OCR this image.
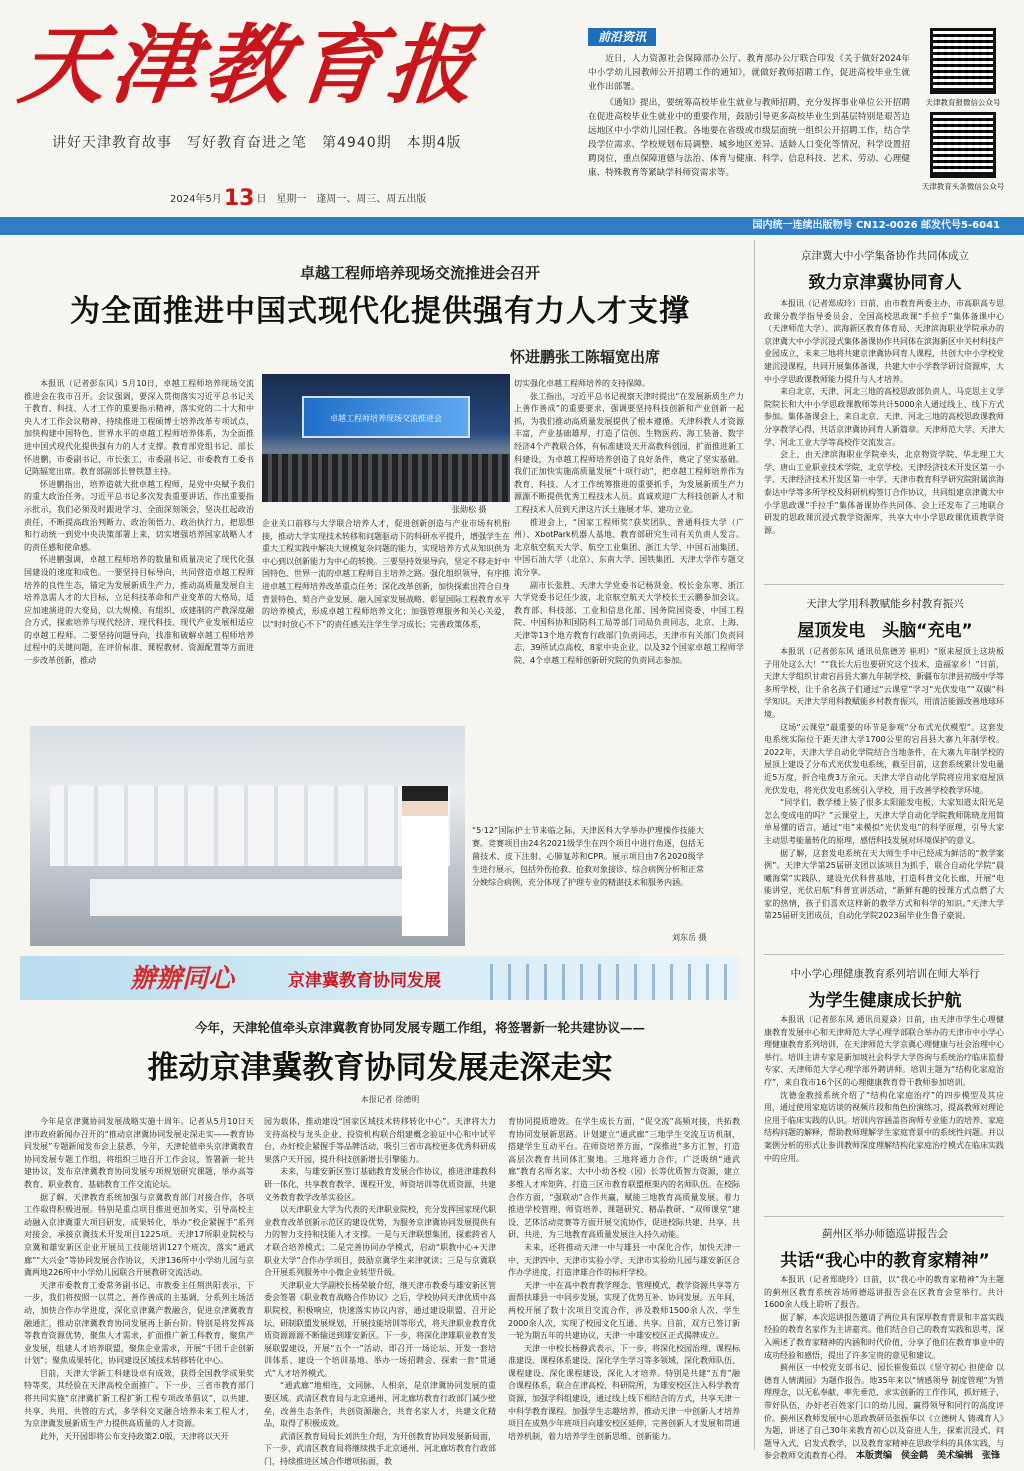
天津教育报
讲好天津教育故事　写好教育奋进之笔　第4940期　本期4版
2024年5月13 日　星期一　逢周一、周三、周五出版
前沿资讯

近日，人力资源社会保障部办公厅、教育部办公厅联合印发《关于做好2024年中小学幼儿园教师公开招聘工作的通知》，就做好教师招聘工作，促进高校毕业生就业作出部署。

《通知》提出，要统筹高校毕业生就业与教师招聘，充分发挥事业单位公开招聘在促进高校毕业生就业中的重要作用，鼓励引导更多高校毕业生到基层特别是艰苦边远地区中小学幼儿园任教。各地要在省级或市级层面统一组织公开招聘工作，结合学段学位需求、学校规划布局调整、城乡地区差异、适龄人口变化等情况，科学设置招聘岗位，重点保障道德与法治、体育与健康、科学、信息科技、艺术、劳动、心理健康、特殊教育等紧缺学科师资需求等。

天津教育报微信公众号
天津教育头条微信公众号
国内统一连续出版物号 CN12-0026 邮发代号5-6041
卓越工程师培养现场交流推进会召开
为全面推进中国式现代化提供强有力人才支撑
怀进鹏张工陈辐宽出席

本报讯（记者彭东风）5月10日，卓越工程师培养现场交流推进会在我市召开。会议强调，要深入贯彻落实习近平总书记关于教育、科技、人才工作的重要指示精神，落实党的二十大和中央人才工作会议精神，持续推进工程硕博士培养改革专项试点，加快构建中国特色、世界水平的卓越工程师培养体系，为全面推进中国式现代化提供强有力的人才支撑。教育部党组书记、部长怀进鹏，市委副书记、市长张工，市委副书记、市委教育工委书记陈辐宽出席。教育部副部长曾铁慧主持。

怀进鹏指出，培养造就大批卓越工程师，是党中央赋予我们的重大政治任务。习近平总书记多次发表重要讲话、作出重要指示批示，我们必须及时跟进学习、全面深刻领会，坚决扛起政治责任，不断提高政治判断力、政治领悟力、政治执行力，把思想和行动统一到党中央决策部署上来，切实增强培养国家战略人才的责任感和使命感。

怀进鹏强调，卓越工程师培养的数量和质量决定了现代化强国建设的速度和成色。一要坚持目标导向，共同营造卓越工程师培养的良性生态，锚定为发展新质生产力，推动高质量发展自主培养急需人才的大目标，立足科技革命和产业变革的大格局，适应加速演进的大变局，以大规模、有组织、成建制的产教深度融合方式，探索培养与现代经济、现代科技、现代产业发展相适应的卓越工程师。二要坚持问题导向，找准和破解卓越工程师培养过程中的关键问题，在评价标准、课程教材、资源配置等方面进一步改革创新，推动

卓越工程师培养现场交流推进会
张勋松 摄

企业关口前移与大学联合培养人才，促进创新创造与产业市场有机衔接，推动大学实现技术转移和问题驱动下的科研水平提升，增强学生在重大工程实践中解决大规模复杂问题的能力，实现培养方式从知识供为中心到以创新能力为中心的转换。三要坚持效果导向，坚定不移走好中国特色、世界一流的卓越工程师自主培养之路。强化组织领导，有序推进卓越工程师培养改革重点任务；深化改革创新，加快探索出符合自身背景特色、契合产业发展、融入国家发展战略、彰显国际工程教育水平的培养模式，形成卓越工程师培养文化；加强管理服务和关心关爱，以“时时放心不下”的责任感关注学生学习成长；完善政策体系，

切实强化卓越工程师培养的支持保障。

张工指出，习近平总书记视察天津时提出“在发展新质生产力上善作善成”的重要要求，强调要坚持科技创新和产业创新一起抓，为我们推动高质量发展提供了根本遵循。天津科教人才资源丰富，产业基础雄厚，打造了信创、生物医药、海工装备、数字经济4个产教联合体，有标准建设天开高教科创园，扩面推进新工科建设，为卓越工程师培养创造了良好条件，奠定了坚实基础。我们正加快实施高质量发展“十项行动”，把卓越工程师培养作为教育、科技、人才工作统筹推进的重要抓手，为发展新质生产力源源不断提供优秀工程技术人员。真诚欢迎广大科技创新人才和工程技术人员到天津这片沃土施展才华、建功立业。

推进会上，“国家工程师奖”获奖团队、普通科技大学（广州）、XbotPark机器人基地、教育部研究生司有关负责人发言。北京航空航天大学、航空工业集团、浙江大学、中国石油集团、中国石油大学（北京）、东南大学、国铁集团、天津大学作专题交流分享。

副市长张胜、天津大学党委书记杨贤金、校长金东寒、浙江大学党委书记任少波，北京航空航天大学校长王云鹏参加会议。教育部、科技部、工业和信息化部、国务院国资委、中国工程院、中国科协和国防科工局等部门司局负责同志，北京、上海、天津等13个地方教育行政部门负责同志，天津市有关部门负责同志，39所试点高校、8家中央企业，以及32个国家卓越工程师学院、4个卓越工程师创新研究院的负责同志参加。

“5·12”国际护士节来临之际，天津医科大学举办护理操作技能大赛。竞赛项目由24名2021级学生在四个项目中进行角逐，包括无菌技术、皮下注射、心肺复苏和CPR。展示项目由7名2020级学生进行展示，包括外伤抢救、抢救对象接诊、综合病例分析和正常分娩综合病例，充分体现了护理专业的精湛技术和服务内涵。
刘东岳 摄
辦辦同心	京津冀教育协同发展
今年，天津轮值牵头京津冀教育协同发展专题工作组，将签署新一轮共建协议——
推动京津冀教育协同发展走深走实
本报记者 徐德明

今年是京津冀协同发展战略实施十周年。记者从5月10日天津市政府新闻办召开的“推动京津冀协同发展走深走实——教育协同发展”专题新闻发布会上获悉，今年，天津轮值牵头京津冀教育协同发展专题工作组，将组织三地召开工作会议，签署新一轮共建协议，发布京津冀教育协同发展专项规划研究课题，举办高等教育、职业教育、基础教育工作交流论坛。

据了解，天津教育系统加强与京冀教育部门对接合作，各项工作取得积极进展。特别是重点项目推进更加务实，引导高校主动融入京津冀重大项目研发，成果转化，举办“校企紧握手”系列对接会，承接京冀技术开发项目1225项。天津17所职业院校与京冀和雄安新区企业开展员工技能培训127个班次，落实“通武廊”“大兴金”等协同发展合作协议，天津136所中小学幼儿园与京冀两地226所中小学幼儿园联合开展教研交流活动。

天津市委教育工委常务副书记、市教委主任荆洪阳表示，下一步，我们将按照一以贯之、善作善成的主基调，分系列主场活动，加快合作办学进度，深化京津冀产教融合，促进京津冀教育融通汇，推动京津冀教育协同发展再上新台阶。特别是将发挥高等教育资源优势，聚焦人才需求，扩面推广新工科教育，聚焦产业发展，组建人才培养联盟，聚焦企业需求，开展“千团千企创新计划”；聚焦成果转化，协同建设区域技术转移转化中心。

目前，天津大学新工科建设卓有成效，获得全国教学成果奖特等奖，其经验在天津高校全面推广。下一步，三省市教育部门将共同实施“京津冀扩新工程扩新工程专项改革倡议”，以共建、共享、共用、共管的方式，多学科交叉融合培养未来工程人才，为京津冀发展新质生产力提供高质量的人才资源。

此外，天开园即将公布支持政策2.0版，天津将以天开

园为载体，推动建设“国家区域技术转移转化中心”。天津将大力支持高校与龙头企业、投资机构联合组建概念验证中心和中试平台，办好校企紧握手等品牌活动，吸引三省市高校更多优秀科研成果落户天开园，提升科技创新增长引擎能力。

未来，与雄安新区签订基础教育发展合作协议，推进津雄教科研一体化，共享教育教学、课程开发，师资培训等优质资源，共建义务教育教学改革实验区。

以天津职业大学为代表的天津职业院校，充分发挥国家现代职业教育改革创新示范区的建设优势，为服务京津冀协同发展提供有力的智力支持和技能人才支撑。一是与天津联想集团，探索跨省人才联合培养模式；二是完善协同办学模式，启动“职教中心+天津职业大学”合作办学项目，鼓励京冀学生来津就读；三是与京冀联合开展系列服务中小微企业转型升级。

天津职业大学副校长杨荣敏介绍，继天津市教委与雄安新区管委会签署《职业教育战略合作协议》之后，学校协同天津优质中高职院校，积极响应，快速落实协议内容，通过建设联盟、召开论坛、研制联盟发展规划，开展技能培训等形式，将天津职业教育优质资源源源不断输送到雄安新区。下一步，将深化津雄职业教育发展联盟建设，开展“五个一”活动，即召开一场论坛、开发一套培训体系、建设一个培训基地、举办一场招聘会、探索一套“贯通式”人才培养模式。

“通武廊”地相连，文同脉，人相亲，是京津冀协同发展的重要区域。武清区教育局与北京通州、河北廊坊教育行政部门减少壁垒，改善生态条件，共创资源融合，共育名家人才，共建文化精品，取得了积极成效。

武清区教育局局长刘洪生介绍，为开创教育协同发展新局面，下一步，武清区教育局将继续携手北京通州、河北廊坊教育行政部门，持续推进区域合作增项拓面，教

育协同提质增效。在学生成长方面，“促交流”高频对接，共拓教育协同发展新思路。计划建立“通武廊”三地学生交流互访机制，搭建学生互动平台。在师资培养方面，“深推进”多方汇智，打造高层次教育共同体汇聚地。三地将通力合作，广泛吸纳“通武廊”教育名师名家、大中小幼各校（园）长等优质智力资源，建立多维人才库矩阵，打造三区市教育联盟框架内的名师队伍。在校际合作方面，“强联动”合作共赢，赋能三地教育高质量发展。着力推进学校管理、师资培养、课题研究、精品教研、“双师课堂”建设、艺体活动竞赛等方面开展交流协作，促进校际共建、共享、共研、共进，为三地教育高质量发展注入持久动能。

未来，还将推动天津一中与雄县一中深化合作，加快天津一中、天津四中、天津市实验小学、天津市实验幼儿园与雄安新区合作办学进度，打造津雄合作的标杆学校。

天津一中在高中教育教学理念、管理模式、教学资源共享等方面帮扶雄县一中同步发展，实现了优势互补、协同发展。五年间，两校开展了数十次项目交流合作，涉及教师1500余人次、学生2000余人次，实现了校园文化互通、共享。目前，双方已签订新一轮为期五年的共建协议，天津一中雄安校区正式揭牌成立。

天津一中校长杨静武表示，下一步，将深化校园治理、课程标准建设、课程体系建设、深化学生学习等多领域，深化教师队伍、课程建设、深化课程建设，深化人才培养。特别是共建“五育”融合课程体系，联合在津高校、科研院所，为雄安校区注入科学教育资源，加强学科组建设，通过线上线下相结合的方式，共享天津一中科学教育课程。加强学生志趣培养，推动天津一中创新人才培养项目在成熟少年班项目向雄安校区延伸，完善创新人才发展和贯通培养机制，着力培养学生创新思维、创新能力。

京津冀大中小学集备协作共同体成立
致力京津冀协同育人

本报讯（记者郑成玲）日前，由市教育两委主办，市高职高专思政课分教学指导委员会、全国高校思政课“手拉手”集体备课中心（天津师范大学）、滨海新区教育体育局、天津滨海职业学院承办的京津冀大中小学沉浸式集体备课协作共同体在滨海新区中关村科技产业园成立，未来三地将共建京津冀协同育人课程，共创大中小学校党建沉浸课程，共同开展集体备课，共建大中小学教学研讨资源库，大中小学思政课教师能力提升与人才培养。

来自北京、天津、河北三地的高校思政部负责人、马克思主义学院院长和大中小学思政课教师等共计5000余人通过线上、线下方式参加。集体备课会上，来自北京、天津、河北三地的高校思政课教师分享教学心得，共话京津冀协同育人新篇章。天津师范大学、天津大学、河北工业大学等高校作交流发言。

会上，由天津滨海职业学院牵头，北京物资学院、华北理工大学、唐山工业职业技术学院、北京学校、天津经济技术开发区第一小学、天津经济技术开发区第一中学、天津市教育科学研究院附属滨海泰达中学等多所学校及科研机构签订合作协议，共同组建京津冀大中小学思政课“手拉手”集体备课协作共同体。会上还发布了三地联合研发的思政课沉浸式教学资源库，共享大中小学思政课优质教学资源。

天津大学用科教赋能乡村教育振兴
屋顶发电　头脑“充电”

本报讯（记者彭东风 通讯员焦德芳 崔玥）“原来屋顶上这块板子用处这么大！”“我长大后也要研究这个技术，造福家乡！”日前，天津大学组织甘肃宕昌县大寨九年制学校、新疆布尔津县初级中学等多所学校，让千余名孩子们通过“云课堂”学习“光伏发电”“双碳”科学知识。天津大学用科教赋能乡村教育振兴，用清洁能源改善地球环境。

这场“云课堂”最重要的环节是参观“分布式光伏模型”。这套发电系统实际位于距天津大学1700公里的宕昌县大寨九年制学校。2022年，天津大学自动化学院结合当地条件，在大寨九年制学校的屋顶上建设了分布式光伏发电系统，截至目前，这套系统累计发电量近5万度，折合电费3万余元。天津大学自动化学院将应用家庭屋顶光伏发电，将光伏发电系统引入学校，用于改善学校教学环境。

“同学们，教学楼上装了很多太阳能发电板，大家知道太阳光是怎么变成电的吗？”云课堂上，天津大学自动化学院教师陈晓龙用简单易懂的语言，通过“电”来模拟“光伏发电”的科学原理，引导大家主动思考能量转化的原理，感悟科技发展对环境保护的意义。

据了解，这套发电系统在天大师生手中已经成为鲜活的“教学案例”。天津大学第25届研支团以该项目为抓手，联合自动化学院“晨曦海棠”实践队，建设光伏科普基地，打造科普文化长廊，开展“电能讲堂、光伏启航”科普宣讲活动，“新鲜有趣的授课方式点燃了大家的热情，孩子们喜欢这样新的教学方式和科学的知识。”天津大学第25届研支团成员，自动化学院2023届毕业生鲁子豪说。

中小学心理健康教育系列培训在师大举行
为学生健康成长护航

本报讯（记者彭东风 通讯员夏焱）日前，由天津市学生心理健康教育发展中心和天津师范大学心理学部联合举办的天津市中小学心理健康教育系列培训，在天津师范大学京冀心理健康与社会治理中心举行。培训主讲专家是新加坡社会科学大学咨询与系统治疗临床监督专家、天津师范大学心理学部外聘讲师。培训主题为“结构化家庭治疗”，来自我市16个区的心理健康教育骨干教师参加培训。

沈德金教授系统介绍了“结构化家庭治疗”的四步模型及其应用，通过使用家庭访谈的视频片段和角色扮演练习，提高教师对理论应用于临床实践的认识。培训内容涵盖咨询师专业能力的培养、家庭结构问题的解释，帮助教师理解学生家庭背景中的系统性问题。并以案例分析的形式让参训教师深度理解结构化家庭治疗模式在临床实践中的应用。

蓟州区举办师德巡讲报告会
共话“我心中的教育家精神”

本报讯（记者郑晓玲）日前，以“我心中的教育家精神”为主题的蓟州区教育系统首场师德巡讲报告会在区教育会堂举行。共计1600余人线上聆听了报告。

据了解，本次巡讲报告邀请了两位具有深厚教育背景和丰富实践经验的教育名家作为主讲嘉宾。他们结合自己的教育实践和思考，深入阐述了教育家精神的内涵和时代价值，分享了他们在教育事业中的成功经验和感悟，提出了许多宝贵的意见和建议。

蓟州区一中校党支部书记、园长崔俊茹以《坚守初心 担使命 以德育人情满园》为题作报告。地35年来以“情感领导 制度管理”为管理理念，以无私奉献、率先垂范、求实创新的工作作风，抓好班子，带好队伍，办好老百姓家门口的幼儿园，赢得领导和同行的高度评价。蓟州区教师发展中心思政教研员张振华以《立德树人 铸魂育人》为题，讲述了自己30年来教育初心以及奋进人生，探索沉浸式、问题导入式、启发式教学，以及教育家精神在思政学科的具体实践，与参会教师交流教育心得。 本版责编　侯金鹤　美术编辑　张锋
